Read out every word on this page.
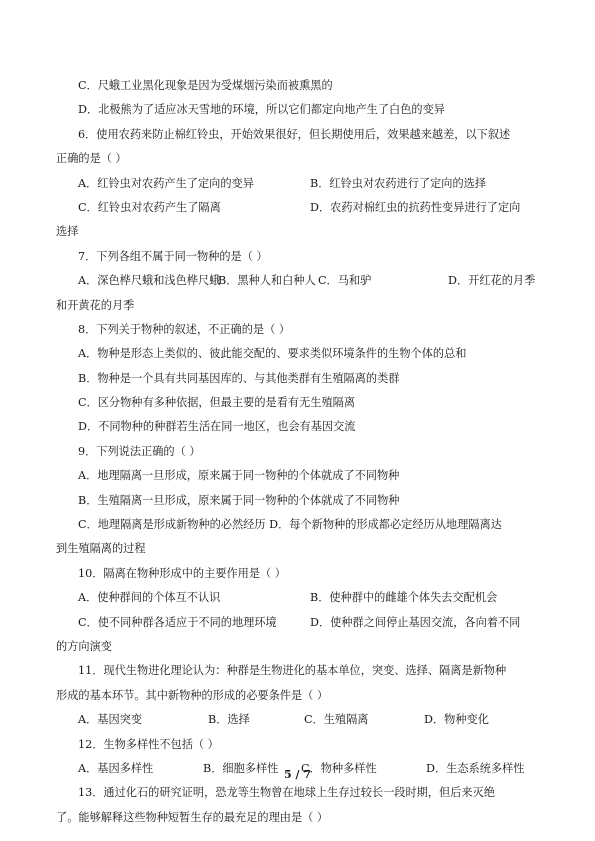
C．尺蛾工业黑化现象是因为受煤烟污染而被熏黑的
D．北极熊为了适应冰天雪地的环境，所以它们都定向地产生了白色的变异
6．使用农药来防止棉红铃虫，开始效果很好，但长期使用后，效果越来越差，以下叙述
正确的是（ ）
A．红铃虫对农药产生了定向的变异	B．红铃虫对农药进行了定向的选择
C．红铃虫对农药产生了隔离	D．农药对棉红虫的抗药性变异进行了定向
选择
7．下列各组不属于同一物种的是（ ）
A．深色桦尺蛾和浅色桦尺蛾
B．黑种人和白种人 C．马和驴	D．开红花的月季
和开黄花的月季
8．下列关于物种的叙述，不正确的是（ ）
A．物种是形态上类似的、彼此能交配的、要求类似环境条件的生物个体的总和
B．物种是一个具有共同基因库的、与其他类群有生殖隔离的类群
C．区分物种有多种依据，但最主要的是看有无生殖隔离
D．不同物种的种群若生活在同一地区，也会有基因交流
9．下列说法正确的（ ）
A．地理隔离一旦形成，原来属于同一物种的个体就成了不同物种
B．生殖隔离一旦形成，原来属于同一物种的个体就成了不同物种
C．地理隔离是形成新物种的必然经历 D．每个新物种的形成都必定经历从地理隔离达
到生殖隔离的过程
10．隔离在物种形成中的主要作用是（ ）
A．使种群间的个体互不认识	B．使种群中的雌雄个体失去交配机会
C．使不同种群各适应于不同的地理环境	D．使种群之间停止基因交流，各向着不同
的方向演变
11．现代生物进化理论认为：种群是生物进化的基本单位，突变、选择、隔离是新物种
形成的基本环节。其中新物种的形成的必要条件是（ ）
A．基因突变	B．选择	C．生殖隔离	D．物种变化
12．生物多样性不包括（ ）
A．基因多样性	B．细胞多样性	C．物种多样性	D．生态系统多样性
13．通过化石的研究证明，恐龙等生物曾在地球上生存过较长一段时期，但后来灭绝
了。能够解释这些物种短暂生存的最充足的理由是（ ）
5 / 7
